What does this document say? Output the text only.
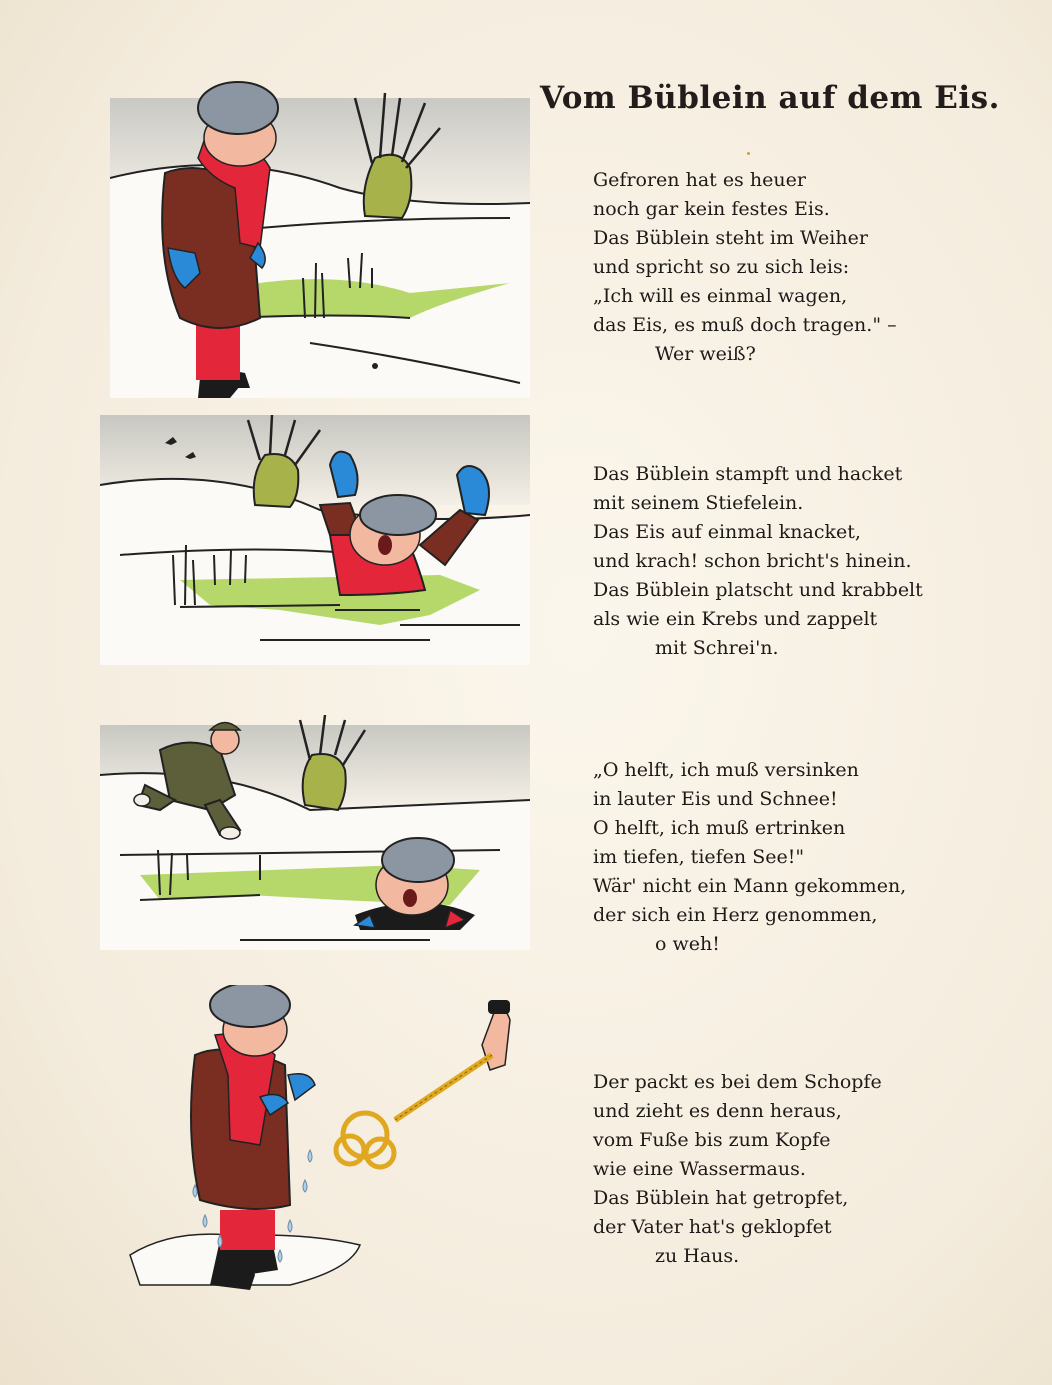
Vom Büblein auf dem Eis.
Gefroren hat es heuer
noch gar kein festes Eis.
Das Büblein steht im Weiher
und spricht so zu sich leis:
„Ich will es einmal wagen,
das Eis, es muß doch tragen." –
Wer weiß?
Das Büblein stampft und hacket
mit seinem Stiefelein.
Das Eis auf einmal knacket,
und krach! schon bricht's hinein.
Das Büblein platscht und krabbelt
als wie ein Krebs und zappelt
mit Schrei'n.
„O helft, ich muß versinken
in lauter Eis und Schnee!
O helft, ich muß ertrinken
im tiefen, tiefen See!"
Wär' nicht ein Mann gekommen,
der sich ein Herz genommen,
o weh!
Der packt es bei dem Schopfe
und zieht es denn heraus,
vom Fuße bis zum Kopfe
wie eine Wassermaus.
Das Büblein hat getropfet,
der Vater hat's geklopfet
zu Haus.
